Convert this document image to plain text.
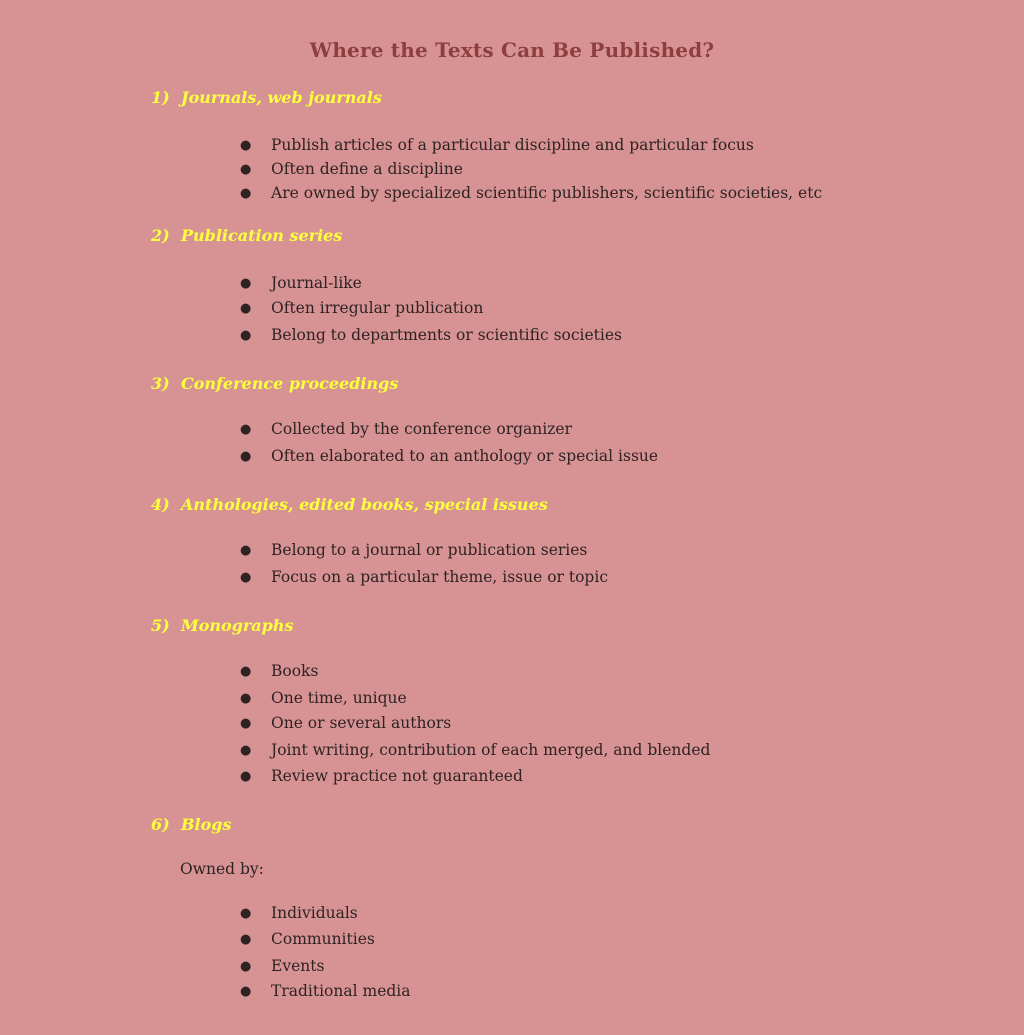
Where the Texts Can Be Published?
1) Journals, web journals
● Publish articles of a particular discipline and particular focus
● Often define a discipline
● Are owned by specialized scientific publishers, scientific societies, etc
2) Publication series
● Journal-like
● Often irregular publication
● Belong to departments or scientific societies
3) Conference proceedings
● Collected by the conference organizer
● Often elaborated to an anthology or special issue
4) Anthologies, edited books, special issues
● Belong to a journal or publication series
● Focus on a particular theme, issue or topic
5) Monographs
● Books
● One time, unique
● One or several authors
● Joint writing, contribution of each merged, and blended
● Review practice not guaranteed
6) Blogs
Owned by:
● Individuals
● Communities
● Events
● Traditional media
